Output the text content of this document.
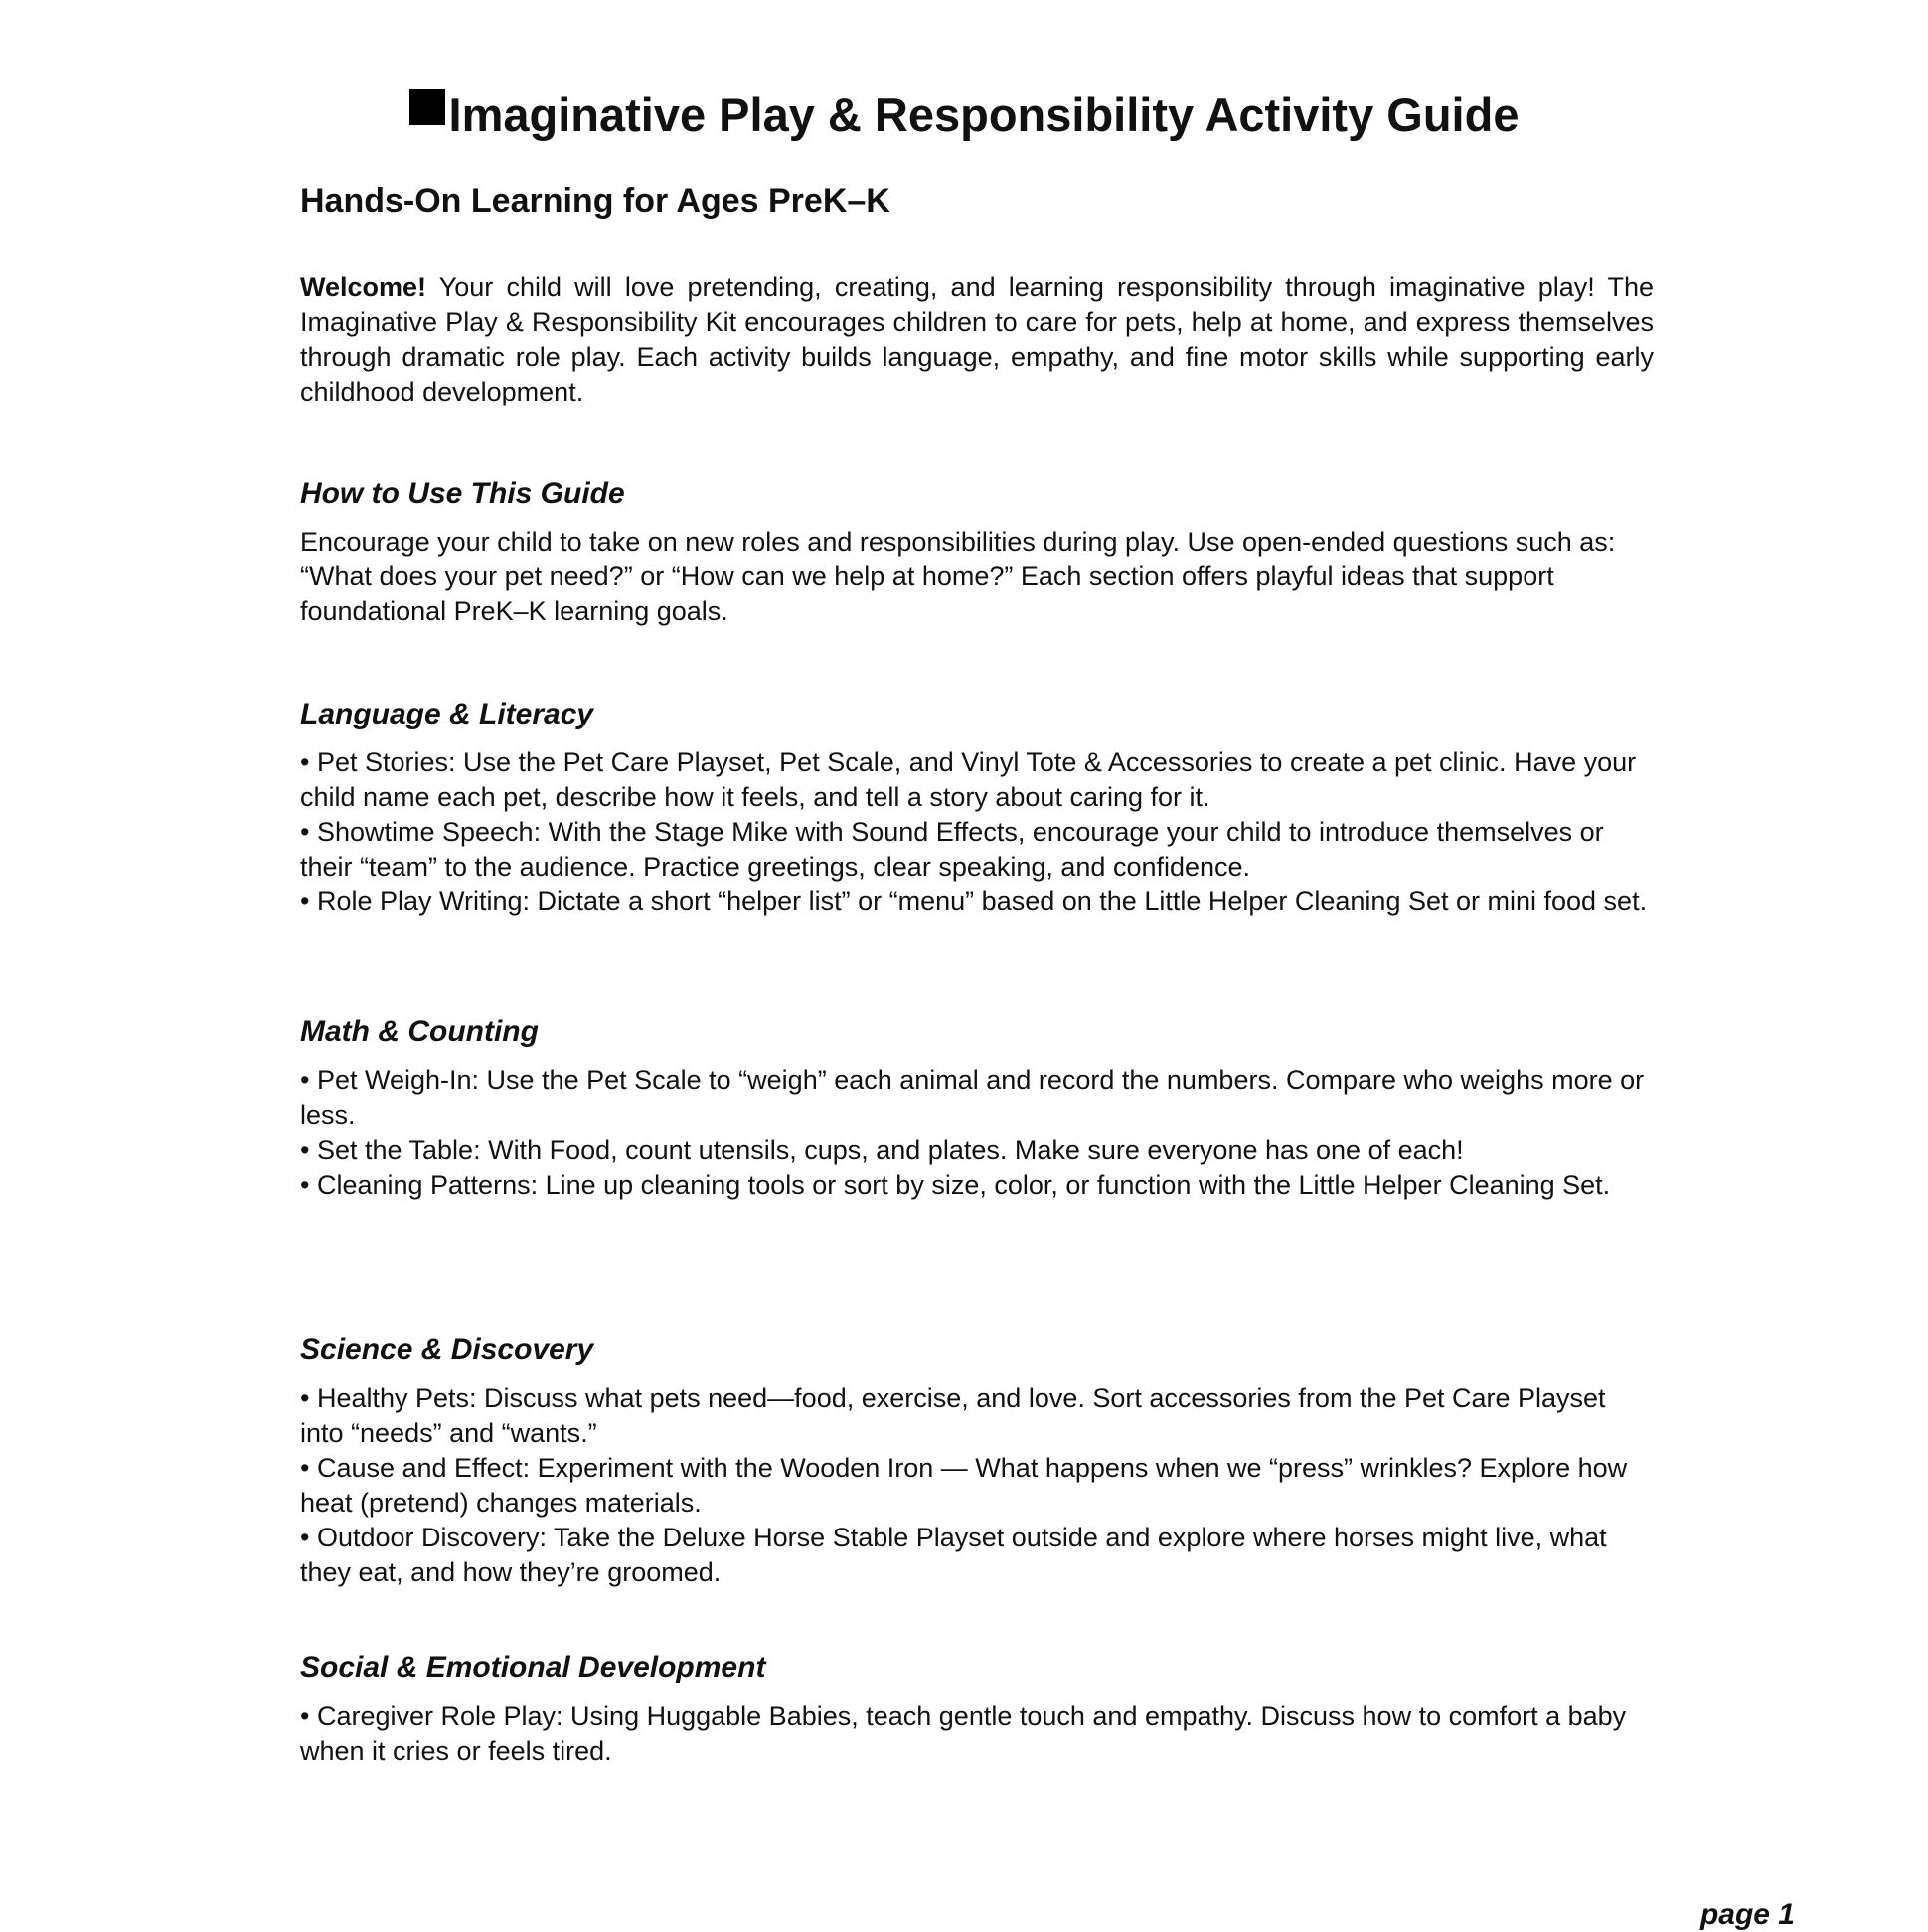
Imaginative Play & Responsibility Activity Guide
Hands-On Learning for Ages PreK–K
Welcome! Your child will love pretending, creating, and learning responsibility through imaginative play! The Imaginative Play & Responsibility Kit encourages children to care for pets, help at home, and express themselves through dramatic role play. Each activity builds language, empathy, and fine motor skills while supporting early childhood development.
How to Use This Guide
Encourage your child to take on new roles and responsibilities during play. Use open-ended questions such as: “What does your pet need?” or “How can we help at home?” Each section offers playful ideas that support foundational PreK–K learning goals.
Language & Literacy
• Pet Stories: Use the Pet Care Playset, Pet Scale, and Vinyl Tote & Accessories to create a pet clinic. Have your child name each pet, describe how it feels, and tell a story about caring for it.
• Showtime Speech: With the Stage Mike with Sound Effects, encourage your child to introduce themselves or their “team” to the audience. Practice greetings, clear speaking, and confidence.
• Role Play Writing: Dictate a short “helper list” or “menu” based on the Little Helper Cleaning Set or mini food set.
Math & Counting
• Pet Weigh-In: Use the Pet Scale to “weigh” each animal and record the numbers. Compare who weighs more or less.
• Set the Table: With Food, count utensils, cups, and plates. Make sure everyone has one of each!
• Cleaning Patterns: Line up cleaning tools or sort by size, color, or function with the Little Helper Cleaning Set.
Science & Discovery
• Healthy Pets: Discuss what pets need—food, exercise, and love. Sort accessories from the Pet Care Playset into “needs” and “wants.”
• Cause and Effect: Experiment with the Wooden Iron — What happens when we “press” wrinkles? Explore how heat (pretend) changes materials.
• Outdoor Discovery: Take the Deluxe Horse Stable Playset outside and explore where horses might live, what they eat, and how they’re groomed.
Social & Emotional Development
• Caregiver Role Play: Using Huggable Babies, teach gentle touch and empathy. Discuss how to comfort a baby when it cries or feels tired.
page 1
